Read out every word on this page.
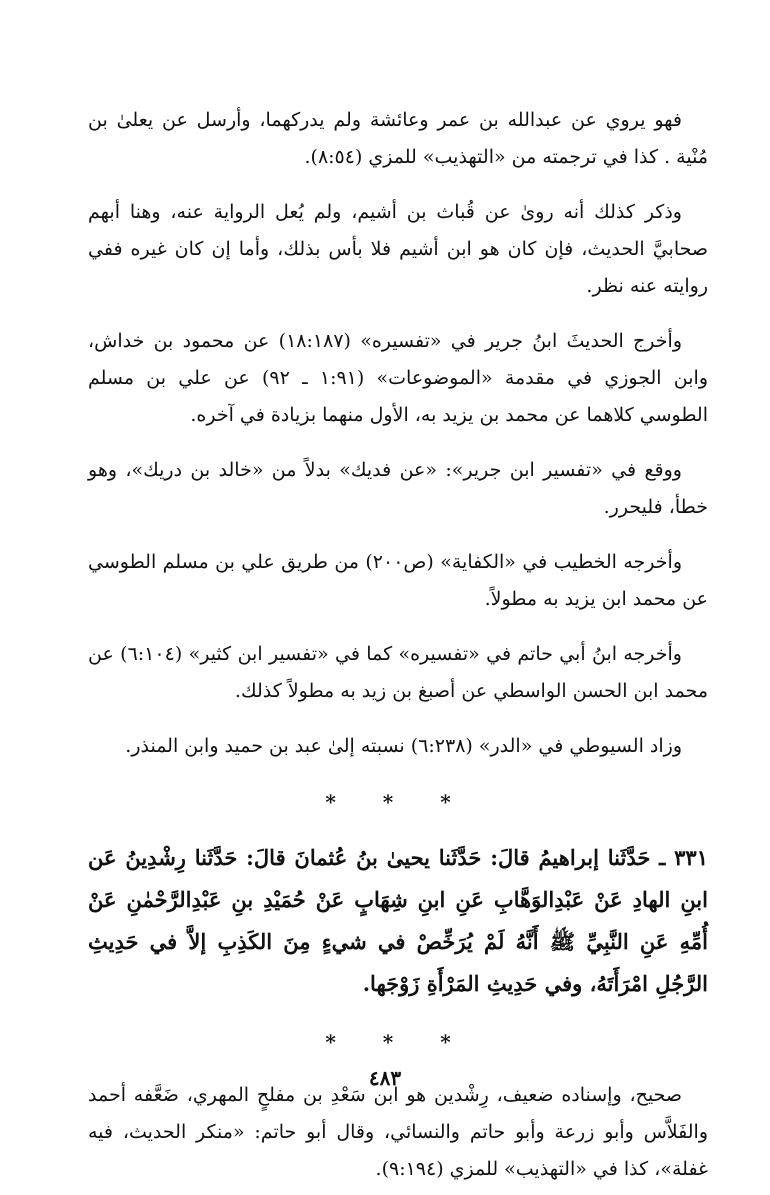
فهو يروي عن عبدالله بن عمر وعائشة ولم يدركهما، وأرسل عن يعلىٰ بن مُنْية . كذا في ترجمته من «التهذيب» للمزي (٨:٥٤).

وذكر كذلك أنه روىٰ عن قُباث بن أشيم، ولم يُعل الرواية عنه، وهنا أبهم صحابيَّ الحديث، فإن كان هو ابن أشيم فلا بأس بذلك، وأما إن كان غيره ففي روايته عنه نظر.

وأخرج الحديثَ ابنُ جرير في «تفسيره» (١٨:١٨٧) عن محمود بن خداش، وابن الجوزي في مقدمة «الموضوعات» (١:٩١ ـ ٩٢) عن علي بن مسلم الطوسي كلاهما عن محمد بن يزيد به، الأول منهما بزيادة في آخره.

ووقع في «تفسير ابن جرير»: «عن فديك» بدلاً من «خالد بن دريك»، وهو خطأ، فليحرر.

وأخرجه الخطيب في «الكفاية» (ص٢٠٠) من طريق علي بن مسلم الطوسي عن محمد ابن يزيد به مطولاً.

وأخرجه ابنُ أبي حاتم في «تفسيره» كما في «تفسير ابن كثير» (٦:١٠٤) عن محمد ابن الحسن الواسطي عن أصبغ بن زيد به مطولاً كذلك.

وزاد السيوطي في «الدر» (٦:٢٣٨) نسبته إلىٰ عبد بن حميد وابن المنذر.

* * *

٣٣١ ـ حَدَّثَنا إبراهيمُ قالَ: حَدَّثَنا يحيىٰ بنُ عُثمانَ قالَ: حَدَّثَنا رِشْدِينُ عَن ابنِ الهادِ عَنْ عَبْدِالوَهَّابِ عَنِ ابنِ شِهَابٍ عَنْ حُمَيْدِ بنِ عَبْدِالرَّحْمٰنِ عَنْ أُمِّهِ عَنِ النَّبِيِّ ﷺ أَنَّهُ لَمْ يُرَخِّصْ في شيءٍ مِنَ الكَذِبِ إلاَّ في حَدِيثِ الرَّجُلِ امْرَأَتَهُ، وفي حَدِيثِ المَرْأَةِ زَوْجَها.

* * *

صحيح، وإسناده ضعيف، رِشْدين هو ابن سَعْدِ بن مفلحٍ المهري، ضَعَّفه أحمد والفَلاَّس وأبو زرعة وأبو حاتم والنسائي، وقال أبو حاتم: «منكر الحديث، فيه غفلة»، كذا في «التهذيب» للمزي (٩:١٩٤).

٤٨٣
